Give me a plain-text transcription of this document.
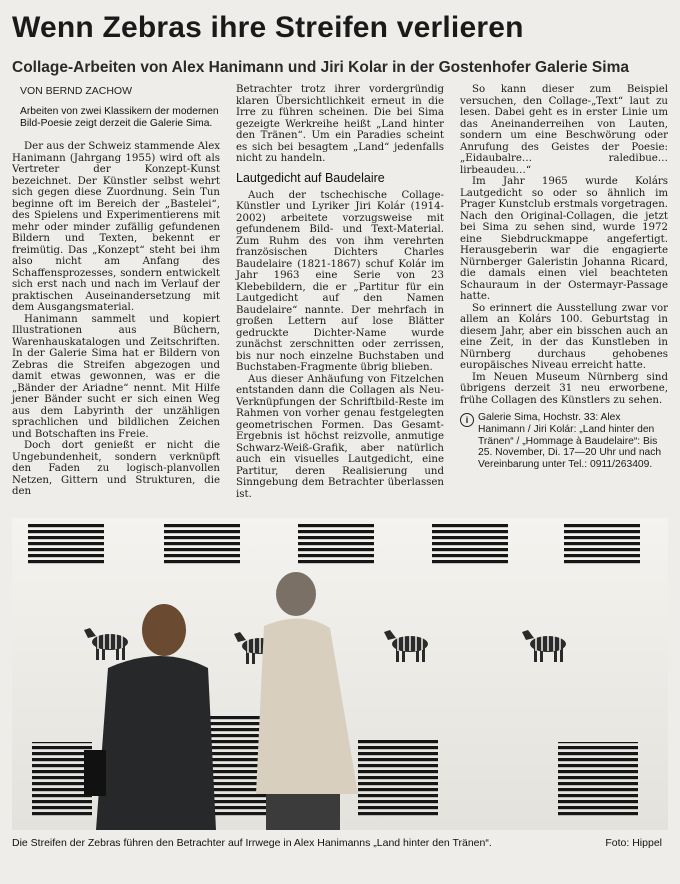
Wenn Zebras ihre Streifen verlieren
Collage-Arbeiten von Alex Hanimann und Jiri Kolar in der Gostenhofer Galerie Sima
VON BERND ZACHOW
Arbeiten von zwei Klassikern der modernen Bild-Poesie zeigt derzeit die Galerie Sima.

Der aus der Schweiz stammende Alex Hanimann (Jahrgang 1955) wird oft als Vertreter der Konzept-Kunst bezeichnet. Der Künstler selbst wehrt sich gegen diese Zuordnung. Sein Tun beginne oft im Bereich der „Bastelei“, des Spielens und Experimentierens mit mehr oder minder zufällig gefundenen Bildern und Texten, bekennt er freimütig. Das „Konzept“ steht bei ihm also nicht am Anfang des Schaffensprozesses, sondern entwickelt sich erst nach und nach im Verlauf der praktischen Auseinandersetzung mit dem Ausgangsmaterial.

Hanimann sammelt und kopiert Illustrationen aus Büchern, Warenhauskatalogen und Zeitschriften. In der Galerie Sima hat er Bildern von Zebras die Streifen abgezogen und damit etwas gewonnen, was er die „Bänder der Ariadne“ nennt. Mit Hilfe jener Bänder sucht er sich einen Weg aus dem Labyrinth der unzähligen sprachlichen und bildlichen Zeichen und Botschaften ins Freie.

Doch dort genießt er nicht die Ungebundenheit, sondern verknüpft den Faden zu logisch-planvollen Netzen, Gittern und Strukturen, die den

Betrachter trotz ihrer vordergründig klaren Übersichtlichkeit erneut in die Irre zu führen scheinen. Die bei Sima gezeigte Werkreihe heißt „Land hinter den Tränen“. Um ein Paradies scheint es sich bei besagtem „Land“ jedenfalls nicht zu handeln.

Lautgedicht auf Baudelaire

Auch der tschechische Collage-Künstler und Lyriker Jiri Kolár (1914-2002) arbeitete vorzugsweise mit gefundenem Bild- und Text-Material. Zum Ruhm des von ihm verehrten französischen Dichters Charles Baudelaire (1821-1867) schuf Kolár im Jahr 1963 eine Serie von 23 Klebebildern, die er „Partitur für ein Lautgedicht auf den Namen Baudelaire“ nannte. Der mehrfach in großen Lettern auf lose Blätter gedruckte Dichter-Name wurde zunächst zerschnitten oder zerrissen, bis nur noch einzelne Buchstaben und Buchstaben-Fragmente übrig blieben.

Aus dieser Anhäufung von Fitzelchen entstanden dann die Collagen als Neu-Verknüpfungen der Schriftbild-Reste im Rahmen von vorher genau festgelegten geometrischen Formen. Das Gesamt-Ergebnis ist höchst reizvolle, anmutige Schwarz-Weiß-Grafik, aber natürlich auch ein visuelles Lautgedicht, eine Partitur, deren Realisierung und Sinngebung dem Betrachter überlassen ist.

So kann dieser zum Beispiel versuchen, den Collage-„Text“ laut zu lesen. Dabei geht es in erster Linie um das Aneinanderreihen von Lauten, sondern um eine Beschwörung oder Anrufung des Geistes der Poesie: „Eidaubalre… raledibue… lirbeaudeu…“

Im Jahr 1965 wurde Kolárs Lautgedicht so oder so ähnlich im Prager Kunstclub erstmals vorgetragen. Nach den Original-Collagen, die jetzt bei Sima zu sehen sind, wurde 1972 eine Siebdruckmappe angefertigt. Herausgeberin war die engagierte Nürnberger Galeristin Johanna Ricard, die damals einen viel beachteten Schauraum in der Ostermayr-Passage hatte.

So erinnert die Ausstellung zwar vor allem an Kolárs 100. Geburtstag in diesem Jahr, aber ein bisschen auch an eine Zeit, in der das Kunstleben in Nürnberg durchaus gehobenes europäisches Niveau erreicht hatte.

Im Neuen Museum Nürnberg sind übrigens derzeit 31 neu erworbene, frühe Collagen des Künstlers zu sehen.

i Galerie Sima, Hochstr. 33: Alex Hanimann / Jiri Kolár: „Land hinter den Tränen“ / „Hommage à Baudelaire“: Bis 25. November, Di. 17—20 Uhr und nach Vereinbarung unter Tel.: 0911/263409.
Die Streifen der Zebras führen den Betrachter auf Irrwege in Alex Hanimanns „Land hinter den Tränen“.	Foto: Hippel
